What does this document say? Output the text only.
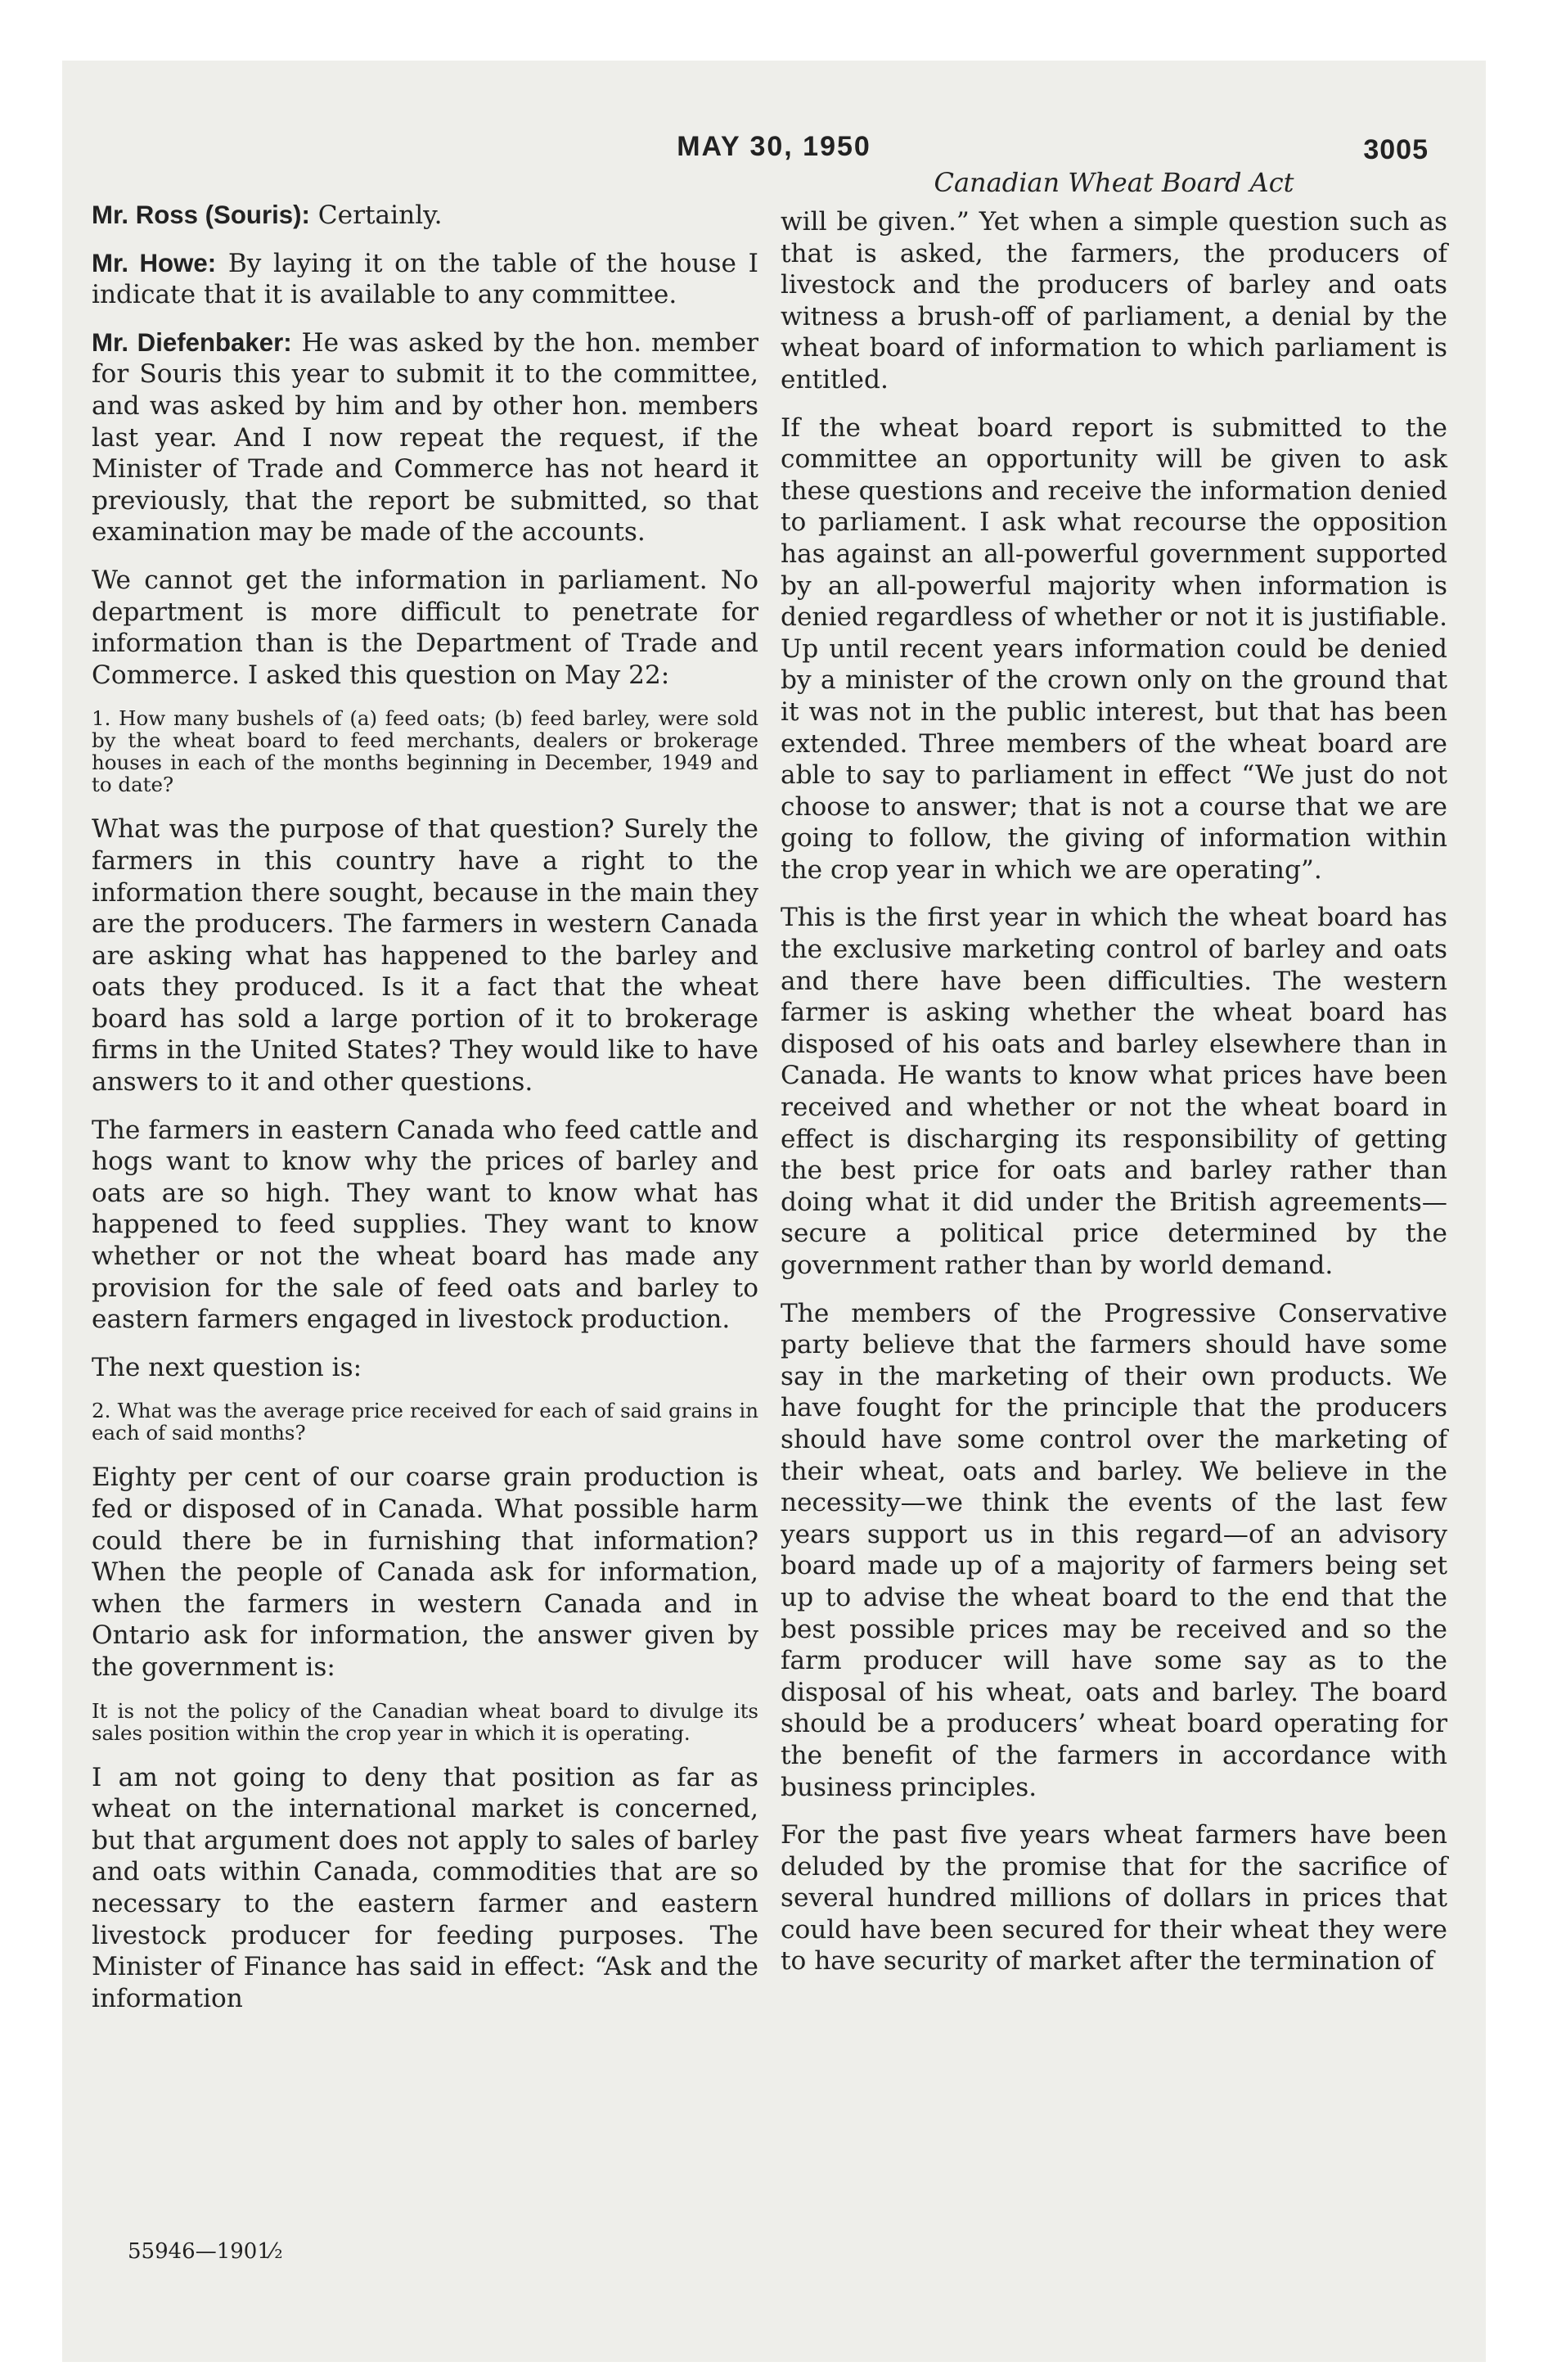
MAY 30, 1950	3005

Mr. Ross (Souris): Certainly.

Mr. Howe: By laying it on the table of the house I indicate that it is available to any committee.

Mr. Diefenbaker: He was asked by the hon. member for Souris this year to submit it to the committee, and was asked by him and by other hon. members last year. And I now repeat the request, if the Minister of Trade and Commerce has not heard it previously, that the report be submitted, so that examination may be made of the accounts.

We cannot get the information in parliament. No department is more difficult to penetrate for information than is the Department of Trade and Commerce. I asked this question on May 22:

1. How many bushels of (a) feed oats; (b) feed barley, were sold by the wheat board to feed merchants, dealers or brokerage houses in each of the months beginning in December, 1949 and to date?

What was the purpose of that question? Surely the farmers in this country have a right to the information there sought, because in the main they are the producers. The farmers in western Canada are asking what has happened to the barley and oats they produced. Is it a fact that the wheat board has sold a large portion of it to brokerage firms in the United States? They would like to have answers to it and other questions.

The farmers in eastern Canada who feed cattle and hogs want to know why the prices of barley and oats are so high. They want to know what has happened to feed supplies. They want to know whether or not the wheat board has made any provision for the sale of feed oats and barley to eastern farmers engaged in livestock production.

The next question is:

2. What was the average price received for each of said grains in each of said months?

Eighty per cent of our coarse grain production is fed or disposed of in Canada. What possible harm could there be in furnishing that information? When the people of Canada ask for information, when the farmers in western Canada and in Ontario ask for information, the answer given by the government is:

It is not the policy of the Canadian wheat board to divulge its sales position within the crop year in which it is operating.

I am not going to deny that position as far as wheat on the international market is concerned, but that argument does not apply to sales of barley and oats within Canada, commodities that are so necessary to the eastern farmer and eastern livestock producer for feeding purposes. The Minister of Finance has said in effect: “Ask and the information

Canadian Wheat Board Act

will be given.” Yet when a simple question such as that is asked, the farmers, the producers of livestock and the producers of barley and oats witness a brush-off of parliament, a denial by the wheat board of information to which parliament is entitled.

If the wheat board report is submitted to the committee an opportunity will be given to ask these questions and receive the information denied to parliament. I ask what recourse the opposition has against an all-powerful government supported by an all-powerful majority when information is denied regardless of whether or not it is justifiable. Up until recent years information could be denied by a minister of the crown only on the ground that it was not in the public interest, but that has been extended. Three members of the wheat board are able to say to parliament in effect “We just do not choose to answer; that is not a course that we are going to follow, the giving of information within the crop year in which we are operating”.

This is the first year in which the wheat board has the exclusive marketing control of barley and oats and there have been difficulties. The western farmer is asking whether the wheat board has disposed of his oats and barley elsewhere than in Canada. He wants to know what prices have been received and whether or not the wheat board in effect is discharging its responsibility of getting the best price for oats and barley rather than doing what it did under the British agreements—secure a political price determined by the government rather than by world demand.

The members of the Progressive Conservative party believe that the farmers should have some say in the marketing of their own products. We have fought for the principle that the producers should have some control over the marketing of their wheat, oats and barley. We believe in the necessity—we think the events of the last few years support us in this regard—of an advisory board made up of a majority of farmers being set up to advise the wheat board to the end that the best possible prices may be received and so the farm producer will have some say as to the disposal of his wheat, oats and barley. The board should be a producers’ wheat board operating for the benefit of the farmers in accordance with business principles.

For the past five years wheat farmers have been deluded by the promise that for the sacrifice of several hundred millions of dollars in prices that could have been secured for their wheat they were to have security of market after the termination of

55946—1901⁄₂
